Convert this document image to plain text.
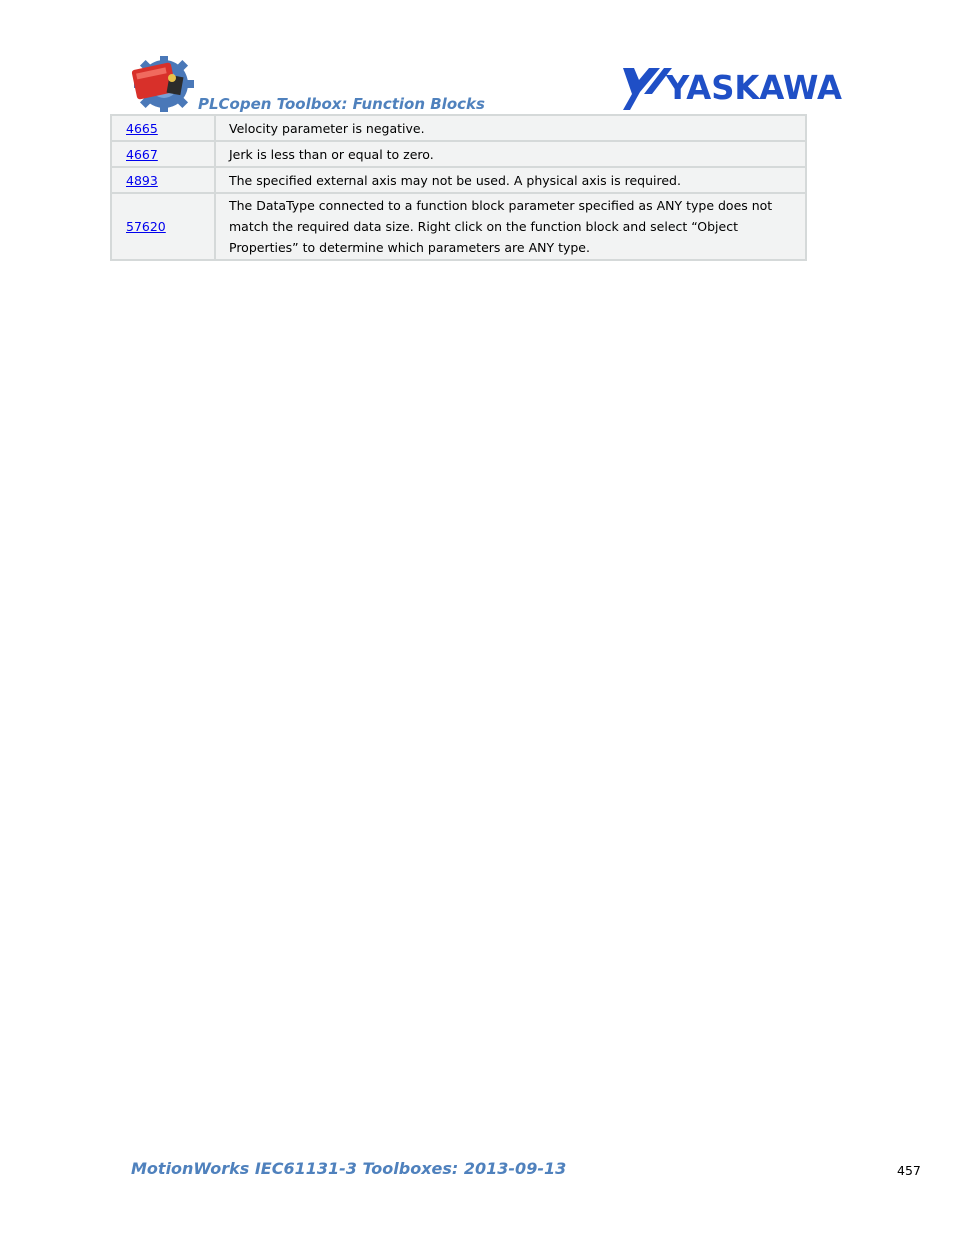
PLCopen Toolbox: Function Blocks	YASKAWA
4665	Velocity parameter is negative.
4667	Jerk is less than or equal to zero.
4893	The specified external axis may not be used. A physical axis is required.
57620	The DataType connected to a function block parameter specified as ANY type does not match the required data size. Right click on the function block and select “Object Properties” to determine which parameters are ANY type.
MotionWorks IEC61131-3 Toolboxes: 2013-09-13	457
